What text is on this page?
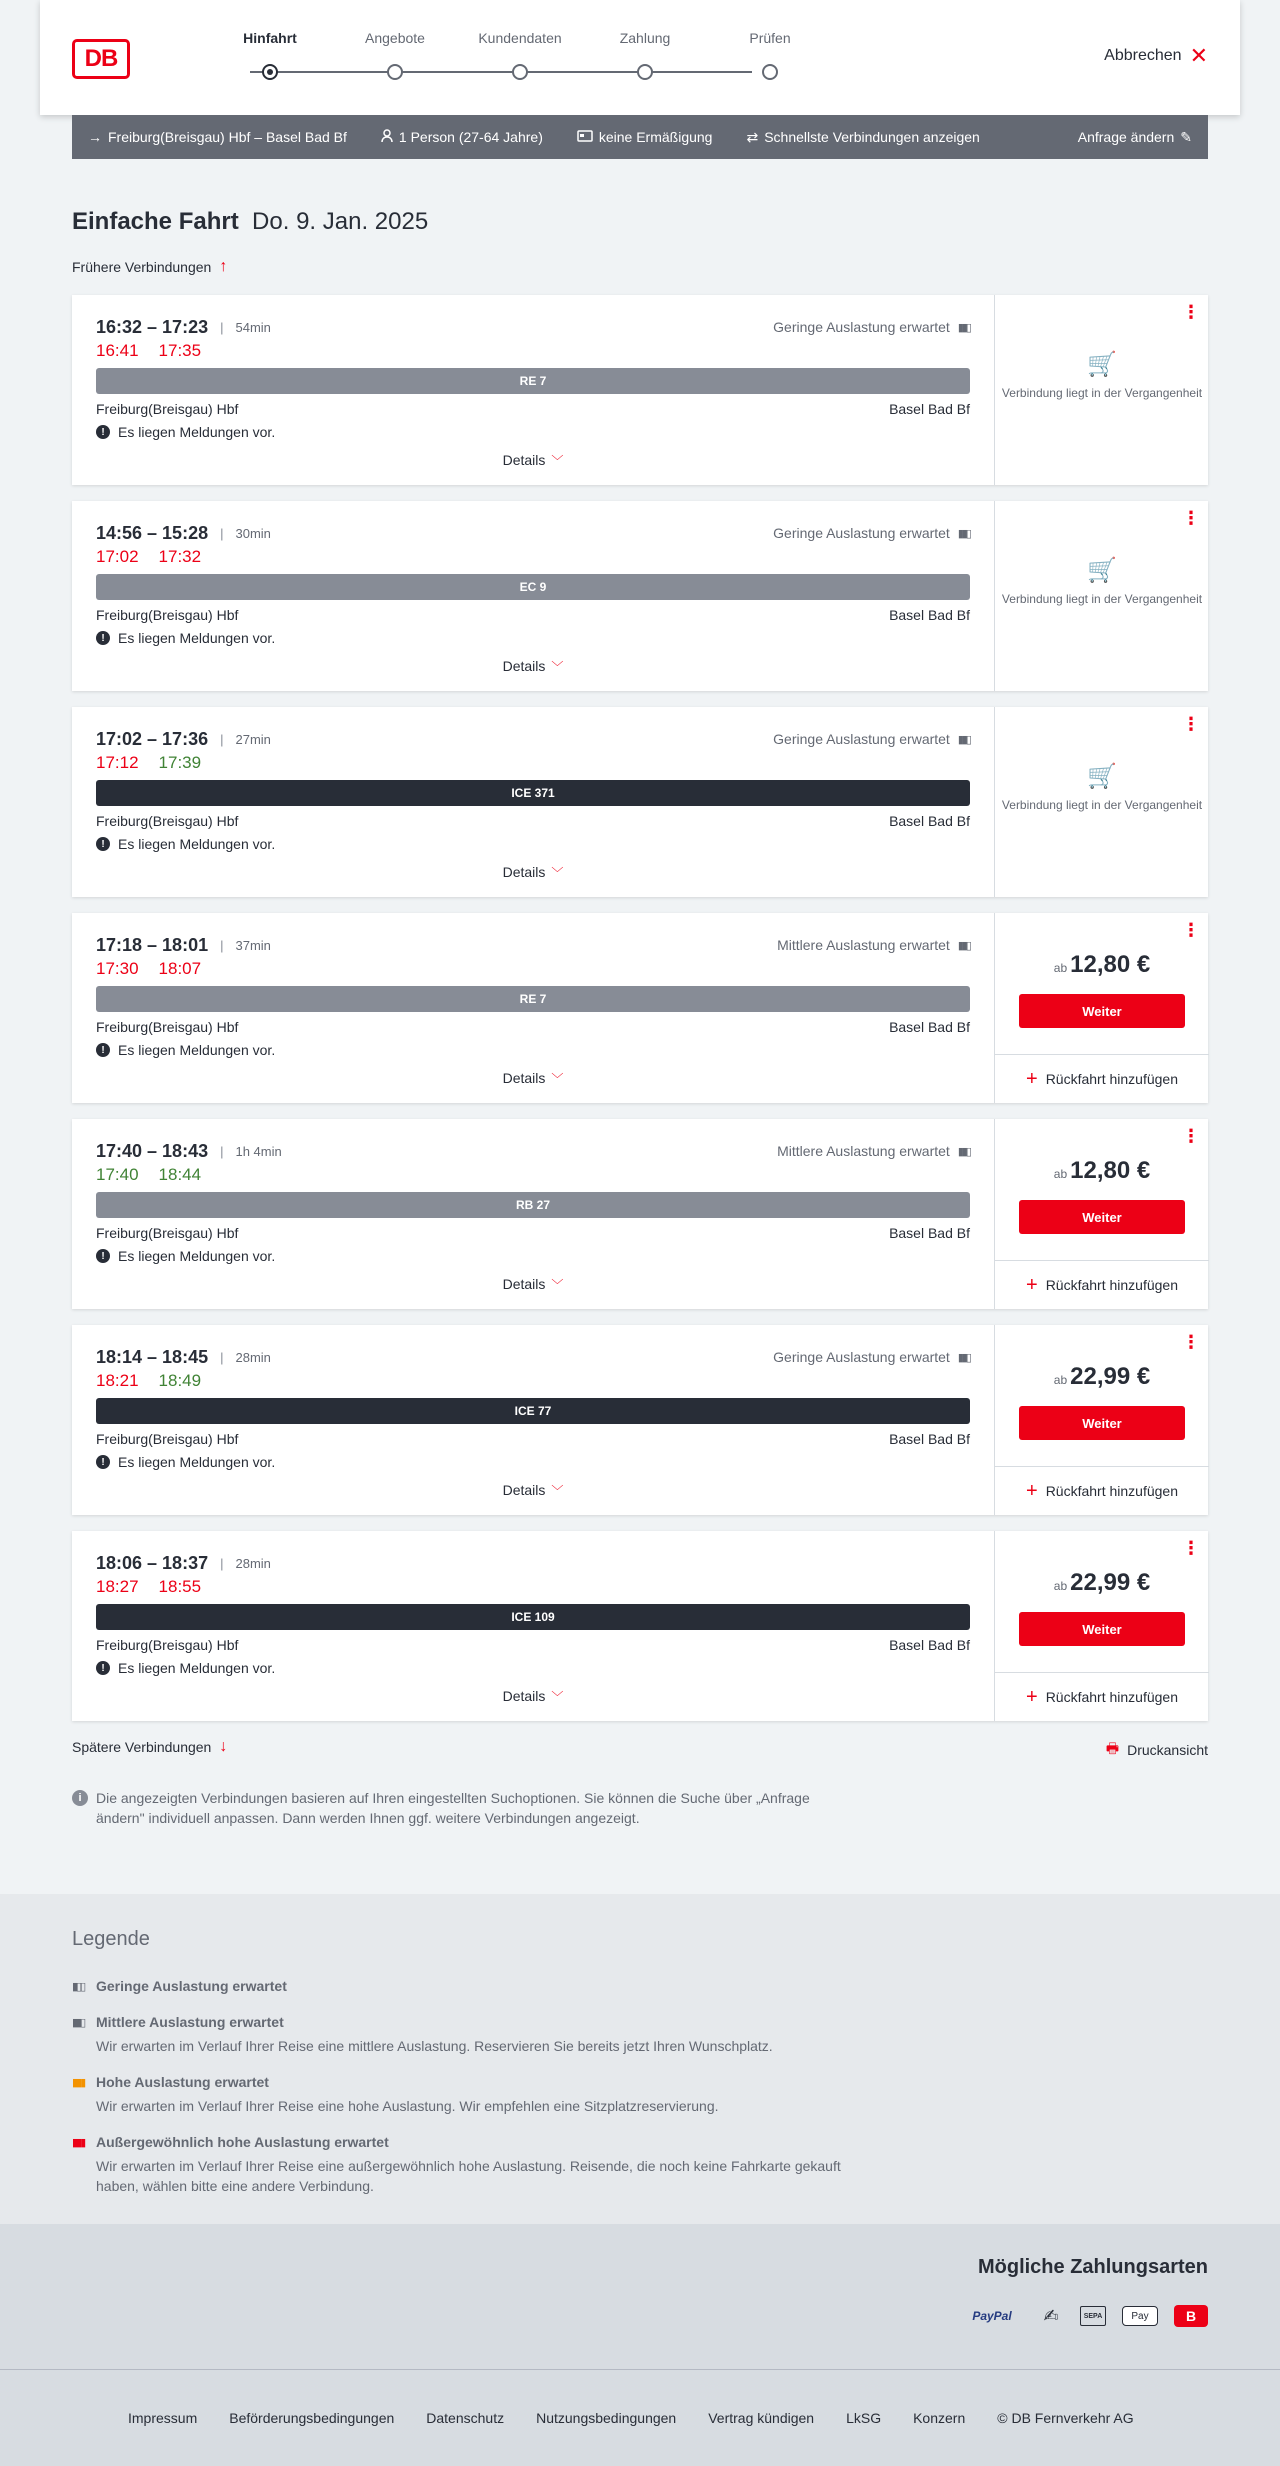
DB
Hinfahrt	Angebote	Kundendaten	Zahlung	Prüfen
Abbrechen ✕
→ Freiburg(Breisgau) Hbf – Basel Bad Bf	1 Person (27-64 Jahre)	keine Ermäßigung ⇄ Schnellste Verbindungen anzeigen	Anfrage ändern ✎
Einfache Fahrt Do. 9. Jan. 2025
Frühere Verbindungen ↑
16:32 – 17:23 | 54min
16:41 17:35
Geringe Auslastung erwartet ▮▮▯
RE 7
Freiburg(Breisgau) Hbf	Basel Bad Bf
! Es liegen Meldungen vor.
Details ﹀
⋮
🛒
Verbindung liegt in der Vergangenheit
14:56 – 15:28 | 30min
17:02 17:32
Geringe Auslastung erwartet ▮▮▯
EC 9
Freiburg(Breisgau) Hbf	Basel Bad Bf
! Es liegen Meldungen vor.
Details ﹀
⋮
🛒
Verbindung liegt in der Vergangenheit
17:02 – 17:36 | 27min
17:12 17:39
Geringe Auslastung erwartet ▮▮▯
ICE 371
Freiburg(Breisgau) Hbf	Basel Bad Bf
! Es liegen Meldungen vor.
Details ﹀
⋮
🛒
Verbindung liegt in der Vergangenheit
17:18 – 18:01 | 37min
17:30 18:07
Mittlere Auslastung erwartet ▮▮▯
RE 7
Freiburg(Breisgau) Hbf	Basel Bad Bf
! Es liegen Meldungen vor.
Details ﹀
⋮
ab 12,80 €
Weiter
+ Rückfahrt hinzufügen
17:40 – 18:43 | 1h 4min
17:40 18:44
Mittlere Auslastung erwartet ▮▮▯
RB 27
Freiburg(Breisgau) Hbf	Basel Bad Bf
! Es liegen Meldungen vor.
Details ﹀
⋮
ab 12,80 €
Weiter
+ Rückfahrt hinzufügen
18:14 – 18:45 | 28min
18:21 18:49
Geringe Auslastung erwartet ▮▮▯
ICE 77
Freiburg(Breisgau) Hbf	Basel Bad Bf
! Es liegen Meldungen vor.
Details ﹀
⋮
ab 22,99 €
Weiter
+ Rückfahrt hinzufügen
18:06 – 18:37 | 28min
18:27 18:55
ICE 109
Freiburg(Breisgau) Hbf	Basel Bad Bf
! Es liegen Meldungen vor.
Details ﹀
⋮
ab 22,99 €
Weiter
+ Rückfahrt hinzufügen
Spätere Verbindungen ↓	🖶 Druckansicht
i	Die angezeigten Verbindungen basieren auf Ihren eingestellten Suchoptionen. Sie können die Suche über „Anfrage ändern" individuell anpassen. Dann werden Ihnen ggf. weitere Verbindungen angezeigt.
Legende
▮▯▯ Geringe Auslastung erwartet
▮▮▯ Mittlere Auslastung erwartet
Wir erwarten im Verlauf Ihrer Reise eine mittlere Auslastung. Reservieren Sie bereits jetzt Ihren Wunschplatz.
▮▮▮ Hohe Auslastung erwartet
Wir erwarten im Verlauf Ihrer Reise eine hohe Auslastung. Wir empfehlen eine Sitzplatzreservierung.
▮▮▮ Außergewöhnlich hohe Auslastung erwartet
Wir erwarten im Verlauf Ihrer Reise eine außergewöhnlich hohe Auslastung. Reisende, die noch keine Fahrkarte gekauft haben, wählen bitte eine andere Verbindung.
Mögliche Zahlungsarten
PayPal	✍	SEPA	Pay	B
Impressum Beförderungsbedingungen Datenschutz Nutzungsbedingungen Vertrag kündigen LkSG Konzern © DB Fernverkehr AG
